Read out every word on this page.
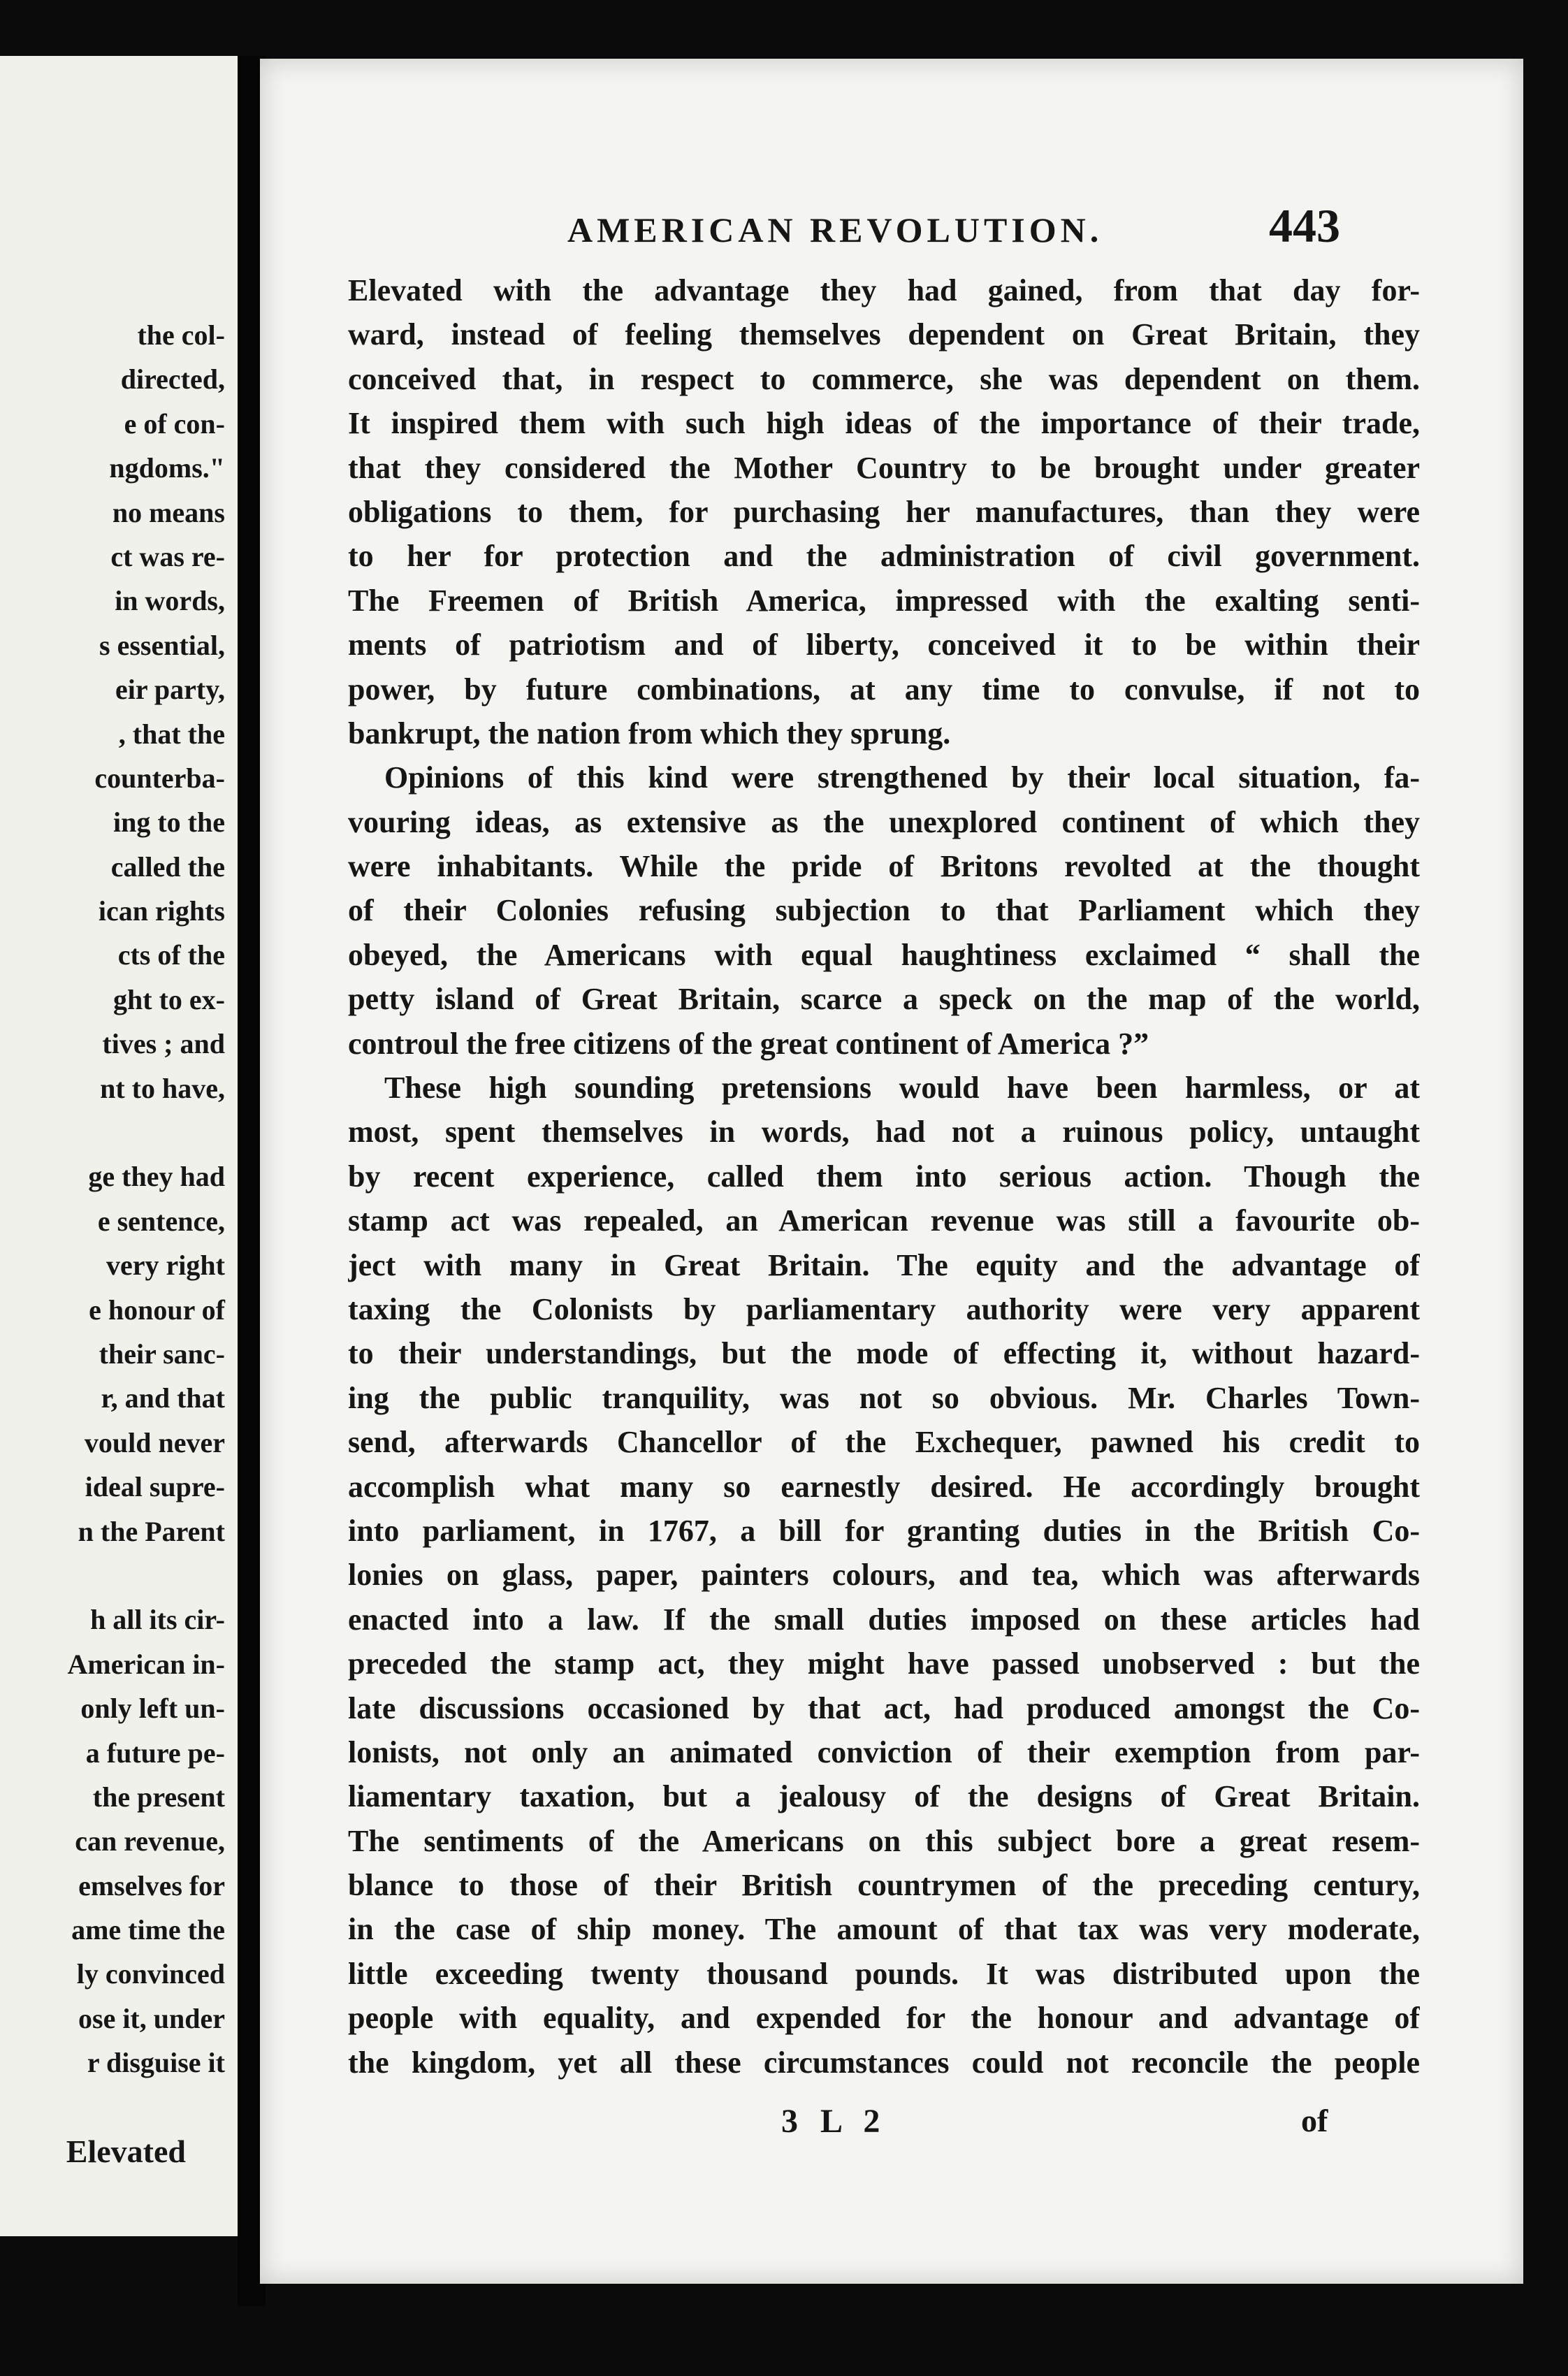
the col-
directed,
e of con-
ngdoms."
no means
ct was re-
in words,
s essential,
eir party,
, that the
counterba-
ing to the
called the
ican rights
cts of the
ght to ex-
tives ; and
nt to have,
ge they had
e sentence,
very right
e honour of
their sanc-
r, and that
vould never
ideal supre-
n the Parent
h all its cir-
American in-
only left un-
a future pe-
the present
can revenue,
emselves for
ame time the
ly convinced
ose it, under
r disguise it
Elevated
AMERICAN REVOLUTION.	443
Elevated with the advantage they had gained, from that day for-
ward, instead of feeling themselves dependent on Great Britain, they
conceived that, in respect to commerce, she was dependent on them.
It inspired them with such high ideas of the importance of their trade,
that they considered the Mother Country to be brought under greater
obligations to them, for purchasing her manufactures, than they were
to her for protection and the administration of civil government.
The Freemen of British America, impressed with the exalting senti-
ments of patriotism and of liberty, conceived it to be within their
power, by future combinations, at any time to convulse, if not to
bankrupt, the nation from which they sprung.
Opinions of this kind were strengthened by their local situation, fa-
vouring ideas, as extensive as the unexplored continent of which they
were inhabitants. While the pride of Britons revolted at the thought
of their Colonies refusing subjection to that Parliament which they
obeyed, the Americans with equal haughtiness exclaimed “ shall the
petty island of Great Britain, scarce a speck on the map of the world,
controul the free citizens of the great continent of America ?”
These high sounding pretensions would have been harmless, or at
most, spent themselves in words, had not a ruinous policy, untaught
by recent experience, called them into serious action. Though the
stamp act was repealed, an American revenue was still a favourite ob-
ject with many in Great Britain. The equity and the advantage of
taxing the Colonists by parliamentary authority were very apparent
to their understandings, but the mode of effecting it, without hazard-
ing the public tranquility, was not so obvious. Mr. Charles Town-
send, afterwards Chancellor of the Exchequer, pawned his credit to
accomplish what many so earnestly desired. He accordingly brought
into parliament, in 1767, a bill for granting duties in the British Co-
lonies on glass, paper, painters colours, and tea, which was afterwards
enacted into a law. If the small duties imposed on these articles had
preceded the stamp act, they might have passed unobserved : but the
late discussions occasioned by that act, had produced amongst the Co-
lonists, not only an animated conviction of their exemption from par-
liamentary taxation, but a jealousy of the designs of Great Britain.
The sentiments of the Americans on this subject bore a great resem-
blance to those of their British countrymen of the preceding century,
in the case of ship money. The amount of that tax was very moderate,
little exceeding twenty thousand pounds. It was distributed upon the
people with equality, and expended for the honour and advantage of
the kingdom, yet all these circumstances could not reconcile the people
3 L 2	of
